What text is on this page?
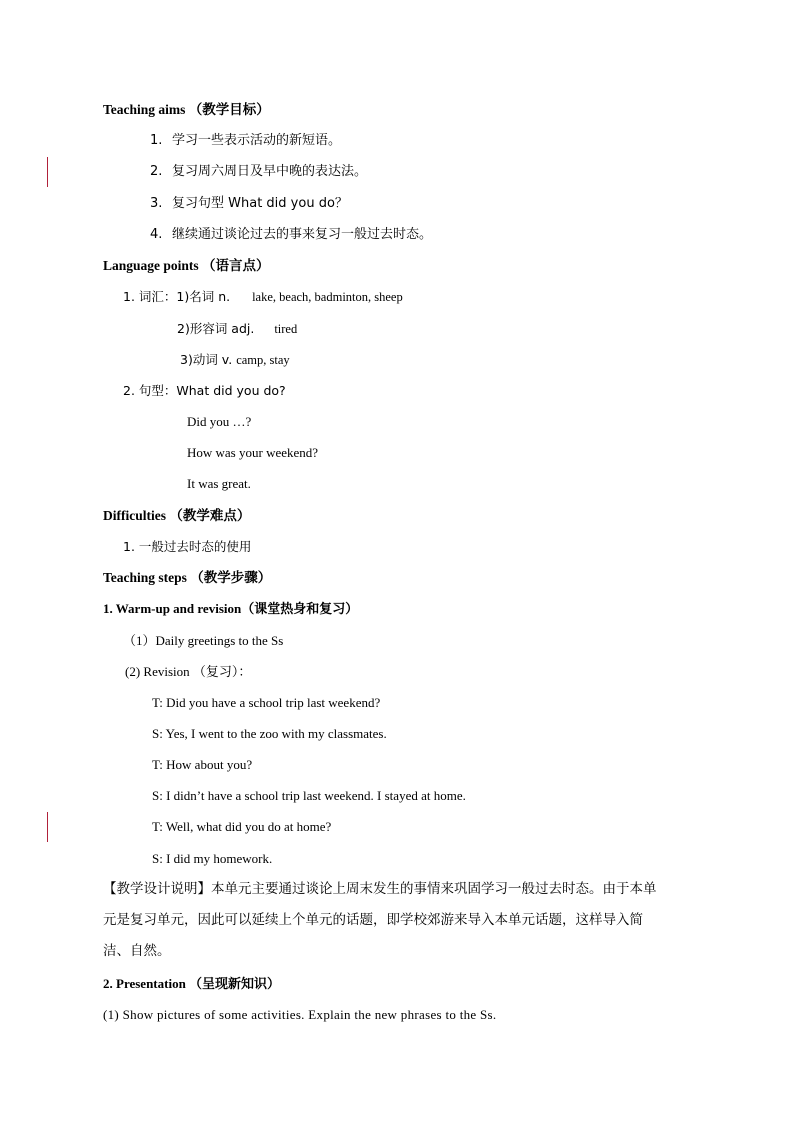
Teaching aims （教学目标）
1. 学习一些表示活动的新短语。
2. 复习周六周日及早中晚的表达法。
3. 复习句型 What did you do？
4. 继续通过谈论过去的事来复习一般过去时态。
Language points （语言点）
1. 词汇：1)名词 n. lake, beach, badminton, sheep
2)形容词 adj. tired
3)动词 v. camp, stay
2. 句型：What did you do?
Did you …?
How was your weekend?
It was great.
Difficulties （教学难点）
1. 一般过去时态的使用
Teaching steps （教学步骤）
1. Warm-up and revision（课堂热身和复习）
（1）Daily greetings to the Ss
(2) Revision （复习）：
T: Did you have a school trip last weekend?
S: Yes, I went to the zoo with my classmates.
T: How about you?
S: I didn’t have a school trip last weekend. I stayed at home.
T: Well, what did you do at home?
S: I did my homework.
【教学设计说明】本单元主要通过谈论上周末发生的事情来巩固学习一般过去时态。由于本单元是复习单元，因此可以延续上个单元的话题，即学校郊游来导入本单元话题，这样导入简洁、自然。
2. Presentation （呈现新知识）
(1) Show pictures of some activities. Explain the new phrases to the Ss.
